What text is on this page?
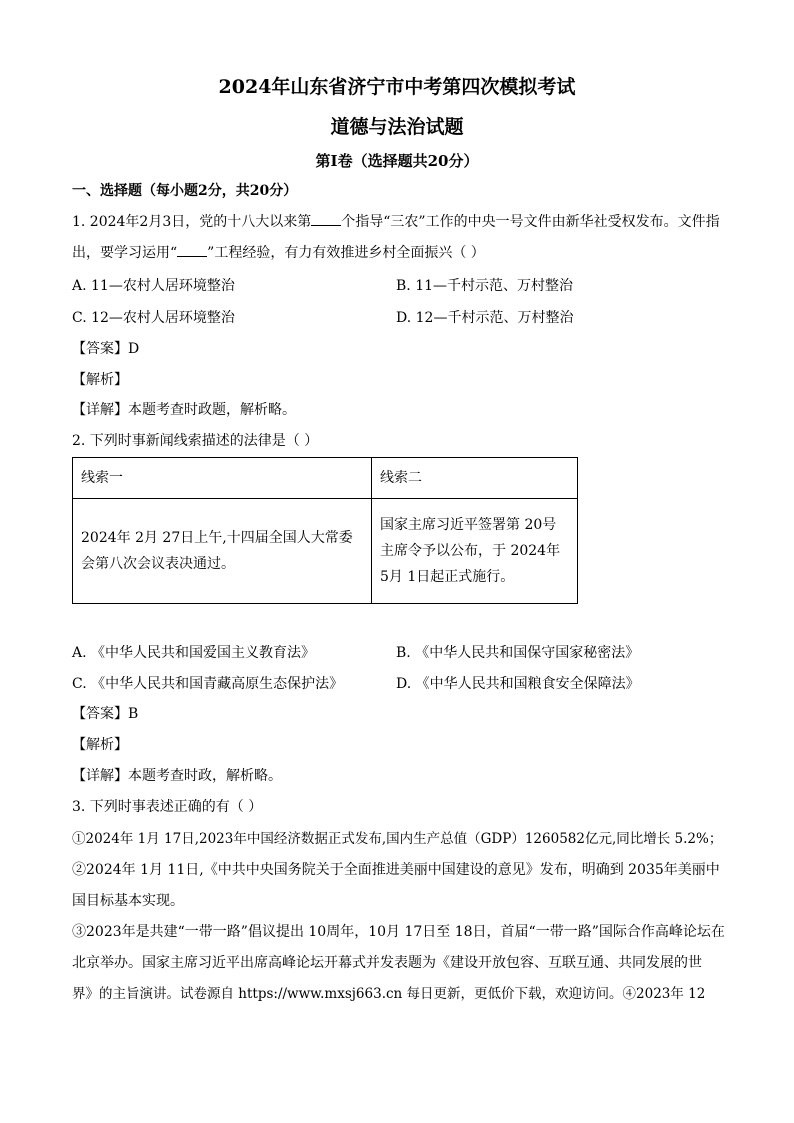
2024年山东省济宁市中考第四次模拟考试
道德与法治试题
第I卷（选择题共20分）
一、选择题（每小题2分，共20分）
1. 2024年2月3日，党的十八大以来第 个指导“三农”工作的中央一号文件由新华社受权发布。文件指
出，要学习运用“ ”工程经验，有力有效推进乡村全面振兴（ ）
A. 11—农村人居环境整治	B. 11—千村示范、万村整治
C. 12—农村人居环境整治	D. 12—千村示范、万村整治
【答案】D
【解析】
【详解】本题考查时政题，解析略。
2. 下列时事新闻线索描述的法律是（ ）
线索一	线索二
2024年 2月 27日上午,十四届全国人大常委会第八次会议表决通过。	国家主席习近平签署第 20号主席令予以公布，于 2024年 5月 1日起正式施行。
A. 《中华人民共和国爱国主义教育法》	B. 《中华人民共和国保守国家秘密法》
C. 《中华人民共和国青藏高原生态保护法》	D. 《中华人民共和国粮食安全保障法》
【答案】B
【解析】
【详解】本题考查时政，解析略。
3. 下列时事表述正确的有（ ）
①2024年 1月 17日,2023年中国经济数据正式发布,国内生产总值（GDP）1260582亿元,同比增长 5.2%；
②2024年 1月 11日,《中共中央国务院关于全面推进美丽中国建设的意见》发布，明确到 2035年美丽中
国目标基本实现。
③2023年是共建“一带一路”倡议提出 10周年，10月 17日至 18日，首届“一带一路”国际合作高峰论坛在
北京举办。国家主席习近平出席高峰论坛开幕式并发表题为《建设开放包容、互联互通、共同发展的世
界》的主旨演讲。试卷源自 https://www.mxsj663.cn 每日更新，更低价下载，欢迎访问。④2023年 12
